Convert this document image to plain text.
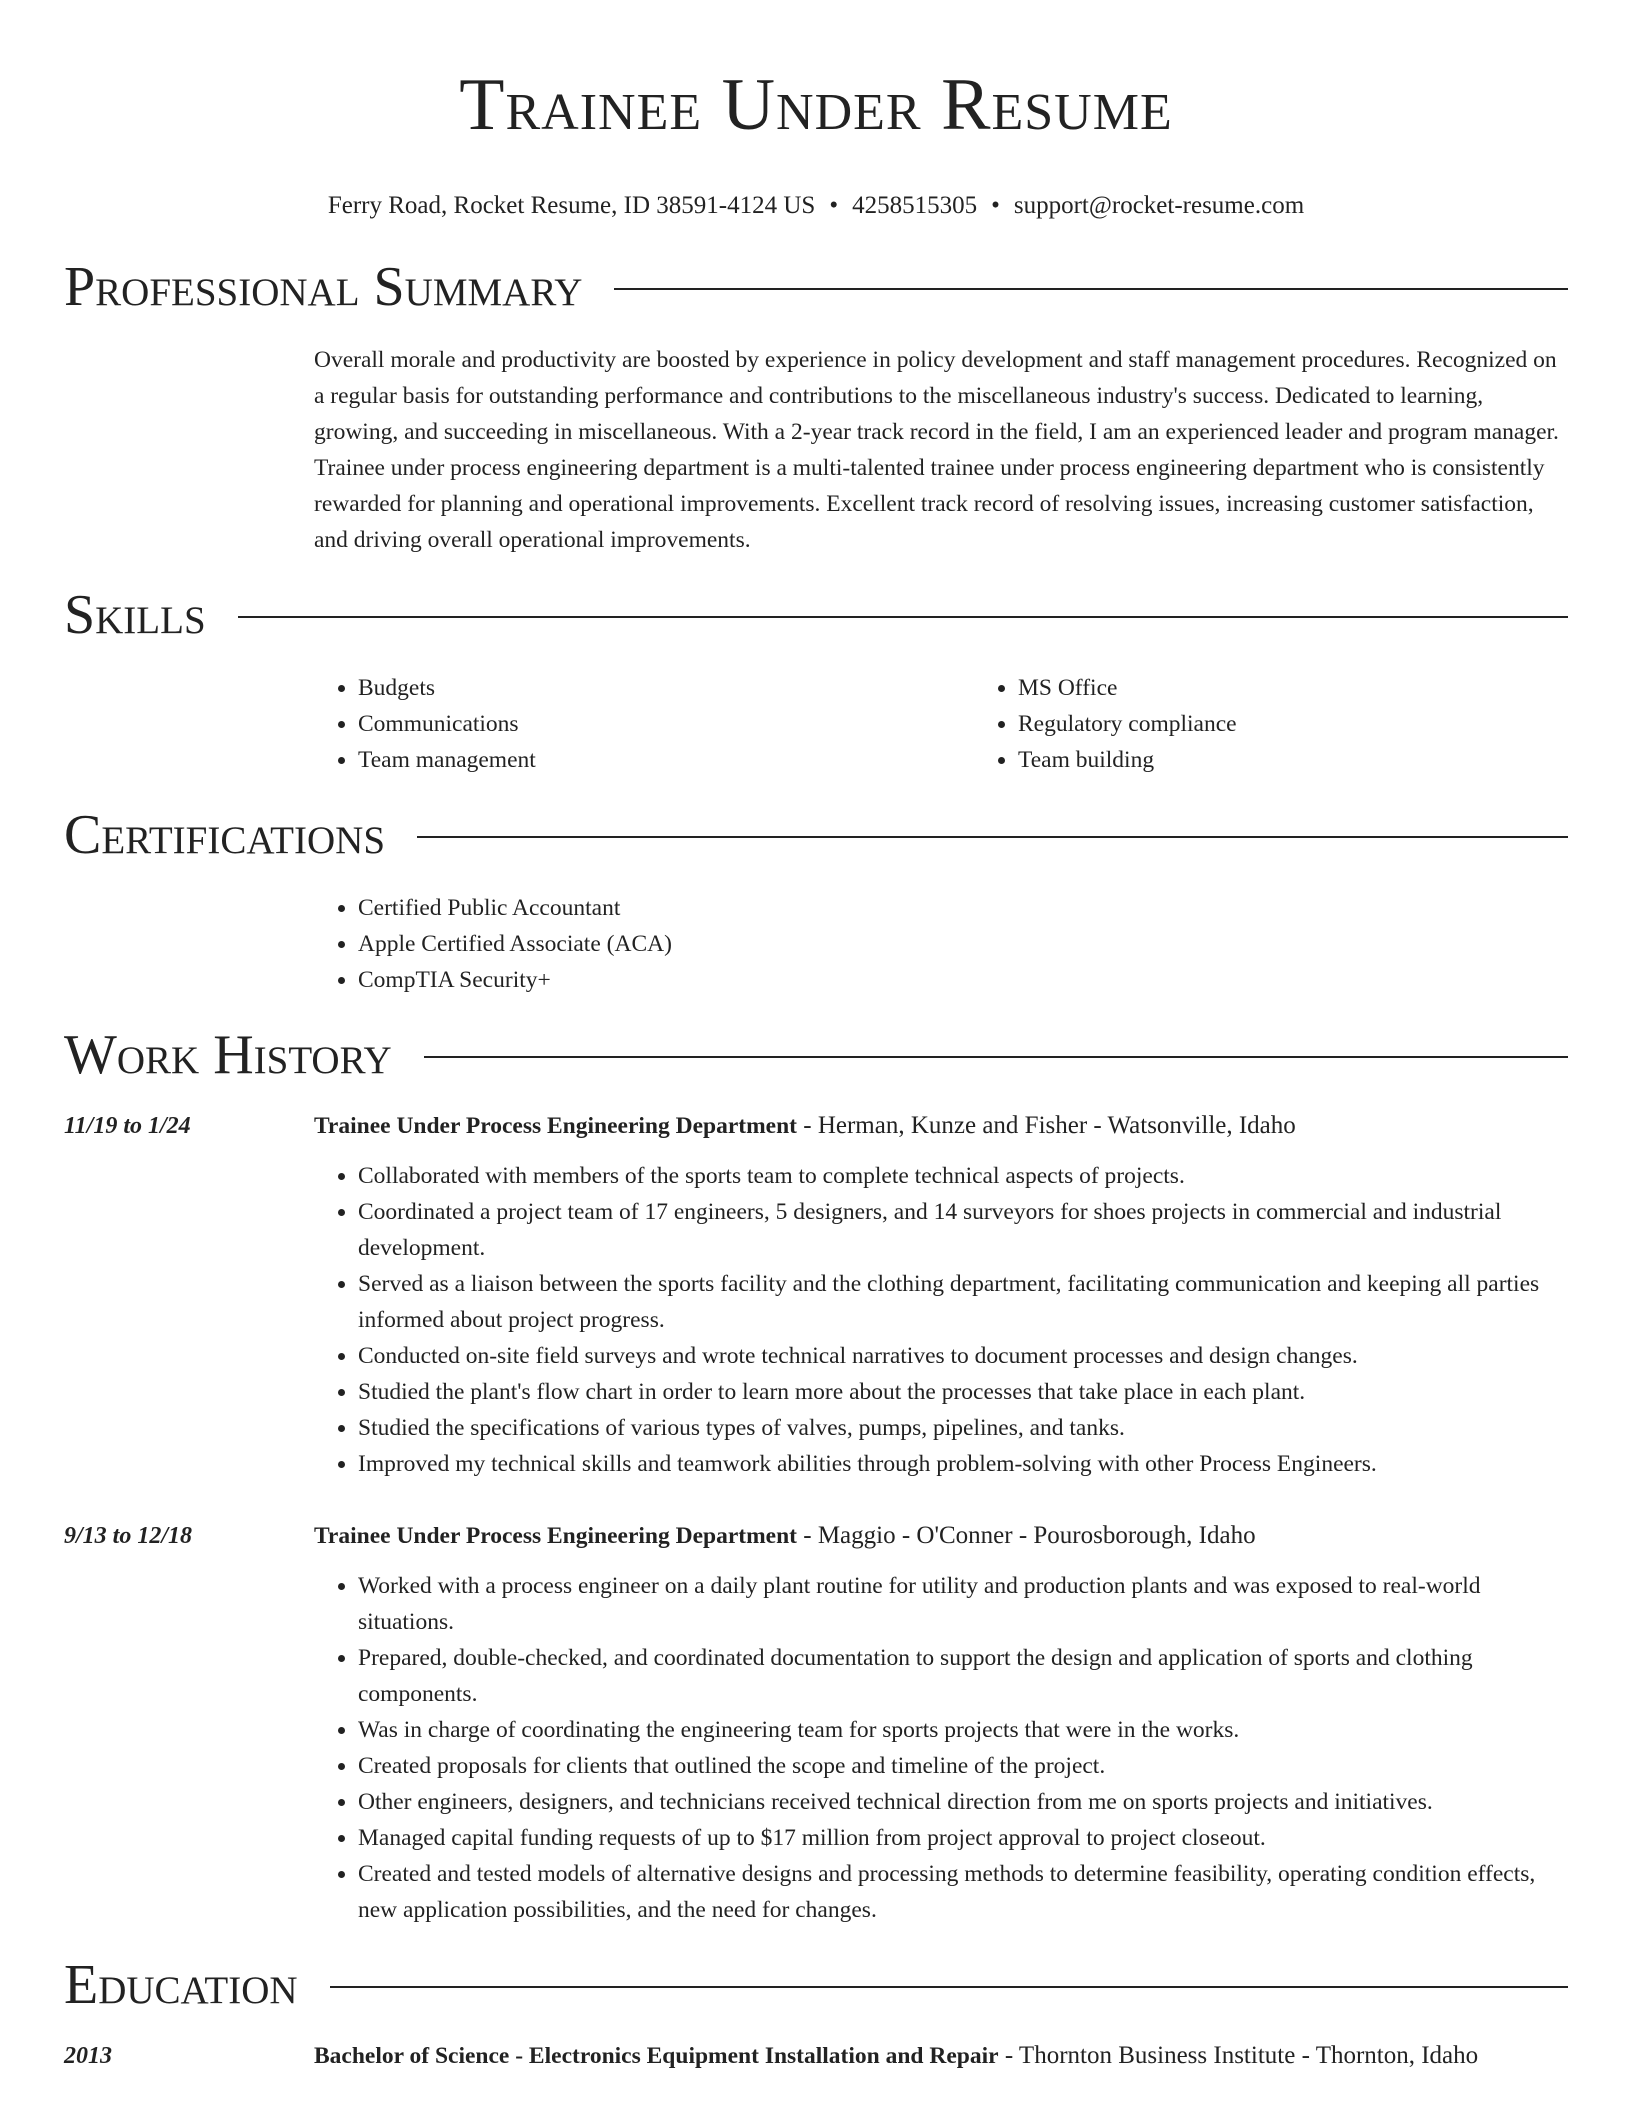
Trainee Under Resume
Ferry Road, Rocket Resume, ID 38591-4124 US • 4258515305 • support@rocket-resume.com
Professional Summary
Overall morale and productivity are boosted by experience in policy development and staff management procedures. Recognized on a regular basis for outstanding performance and contributions to the miscellaneous industry's success. Dedicated to learning, growing, and succeeding in miscellaneous. With a 2-year track record in the field, I am an experienced leader and program manager. Trainee under process engineering department is a multi-talented trainee under process engineering department who is consistently rewarded for planning and operational improvements. Excellent track record of resolving issues, increasing customer satisfaction, and driving overall operational improvements.
Skills
• Budgets
• Communications
• Team management
• MS Office
• Regulatory compliance
• Team building
Certifications
• Certified Public Accountant
• Apple Certified Associate (ACA)
• CompTIA Security+
Work History
11/19 to 1/24	Trainee Under Process Engineering Department - Herman, Kunze and Fisher - Watsonville, Idaho
• Collaborated with members of the sports team to complete technical aspects of projects.
• Coordinated a project team of 17 engineers, 5 designers, and 14 surveyors for shoes projects in commercial and industrial development.
• Served as a liaison between the sports facility and the clothing department, facilitating communication and keeping all parties informed about project progress.
• Conducted on-site field surveys and wrote technical narratives to document processes and design changes.
• Studied the plant's flow chart in order to learn more about the processes that take place in each plant.
• Studied the specifications of various types of valves, pumps, pipelines, and tanks.
• Improved my technical skills and teamwork abilities through problem-solving with other Process Engineers.
9/13 to 12/18	Trainee Under Process Engineering Department - Maggio - O'Conner - Pourosborough, Idaho
• Worked with a process engineer on a daily plant routine for utility and production plants and was exposed to real-world situations.
• Prepared, double-checked, and coordinated documentation to support the design and application of sports and clothing components.
• Was in charge of coordinating the engineering team for sports projects that were in the works.
• Created proposals for clients that outlined the scope and timeline of the project.
• Other engineers, designers, and technicians received technical direction from me on sports projects and initiatives.
• Managed capital funding requests of up to $17 million from project approval to project closeout.
• Created and tested models of alternative designs and processing methods to determine feasibility, operating condition effects, new application possibilities, and the need for changes.
Education
2013	Bachelor of Science - Electronics Equipment Installation and Repair - Thornton Business Institute - Thornton, Idaho
